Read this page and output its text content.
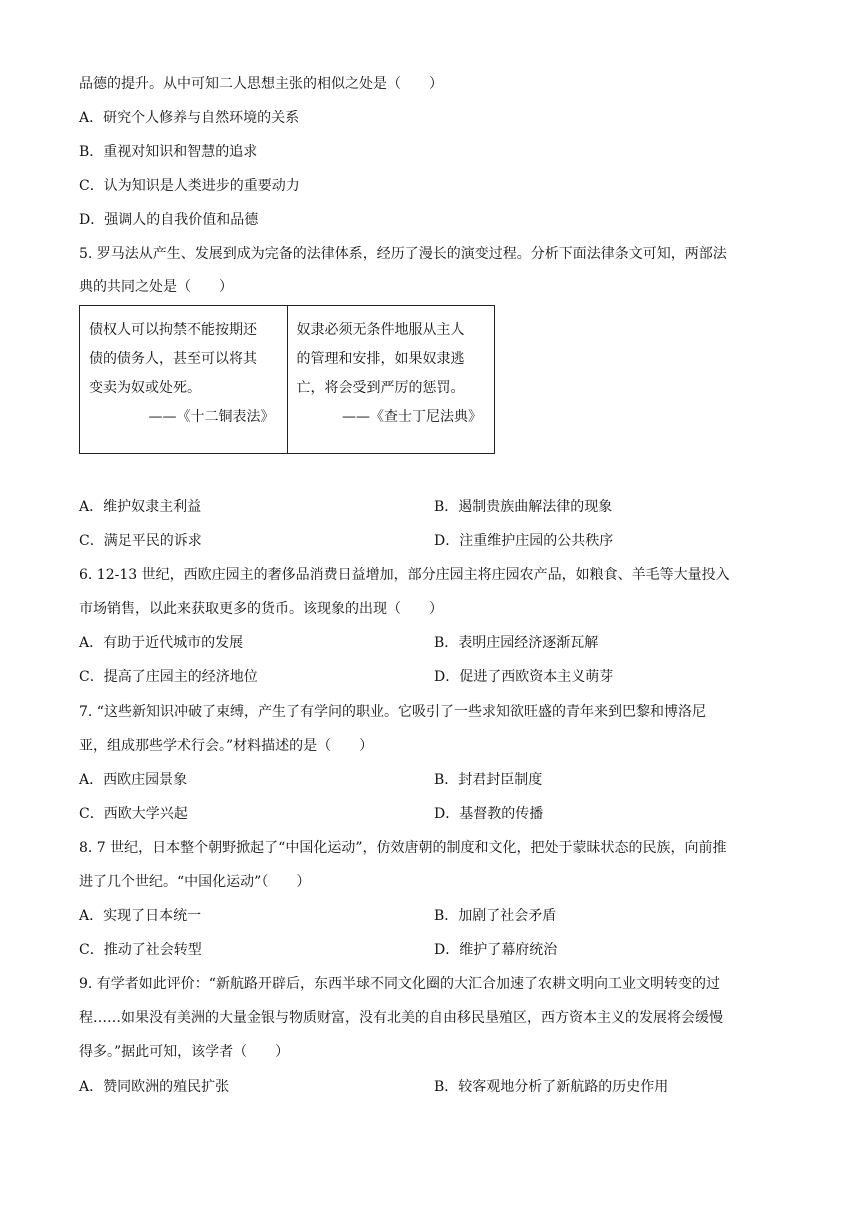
品德的提升。从中可知二人思想主张的相似之处是（　　）
A．研究个人修养与自然环境的关系
B．重视对知识和智慧的追求
C．认为知识是人类进步的重要动力
D．强调人的自我价值和品德
5. 罗马法从产生、发展到成为完备的法律体系，经历了漫长的演变过程。分析下面法律条文可知，两部法
典的共同之处是（　　）
债权人可以拘禁不能按期还
债的债务人，甚至可以将其
变卖为奴或处死。

——《十二铜表法》
	奴隶必须无条件地服从主人
的管理和安排，如果奴隶逃
亡，将会受到严厉的惩罚。

——《查士丁尼法典》
A．维护奴隶主利益	B．遏制贵族曲解法律的现象
C．满足平民的诉求	D．注重维护庄园的公共秩序
6. 12-13 世纪，西欧庄园主的奢侈品消费日益增加，部分庄园主将庄园农产品，如粮食、羊毛等大量投入
市场销售，以此来获取更多的货币。该现象的出现（　　）
A．有助于近代城市的发展	B．表明庄园经济逐渐瓦解
C．提高了庄园主的经济地位	D．促进了西欧资本主义萌芽
7. “这些新知识冲破了束缚，产生了有学问的职业。它吸引了一些求知欲旺盛的青年来到巴黎和博洛尼
亚，组成那些学术行会。”材料描述的是（　　）
A．西欧庄园景象	B．封君封臣制度
C．西欧大学兴起	D．基督教的传播
8. 7 世纪，日本整个朝野掀起了“中国化运动”，仿效唐朝的制度和文化，把处于蒙昧状态的民族，向前推
进了几个世纪。“中国化运动”（　　）
A．实现了日本统一	B．加剧了社会矛盾
C．推动了社会转型	D．维护了幕府统治
9. 有学者如此评价：“新航路开辟后，东西半球不同文化圈的大汇合加速了农耕文明向工业文明转变的过
程……如果没有美洲的大量金银与物质财富，没有北美的自由移民垦殖区，西方资本主义的发展将会缓慢
得多。”据此可知，该学者（　　）
A．赞同欧洲的殖民扩张	B．较客观地分析了新航路的历史作用
